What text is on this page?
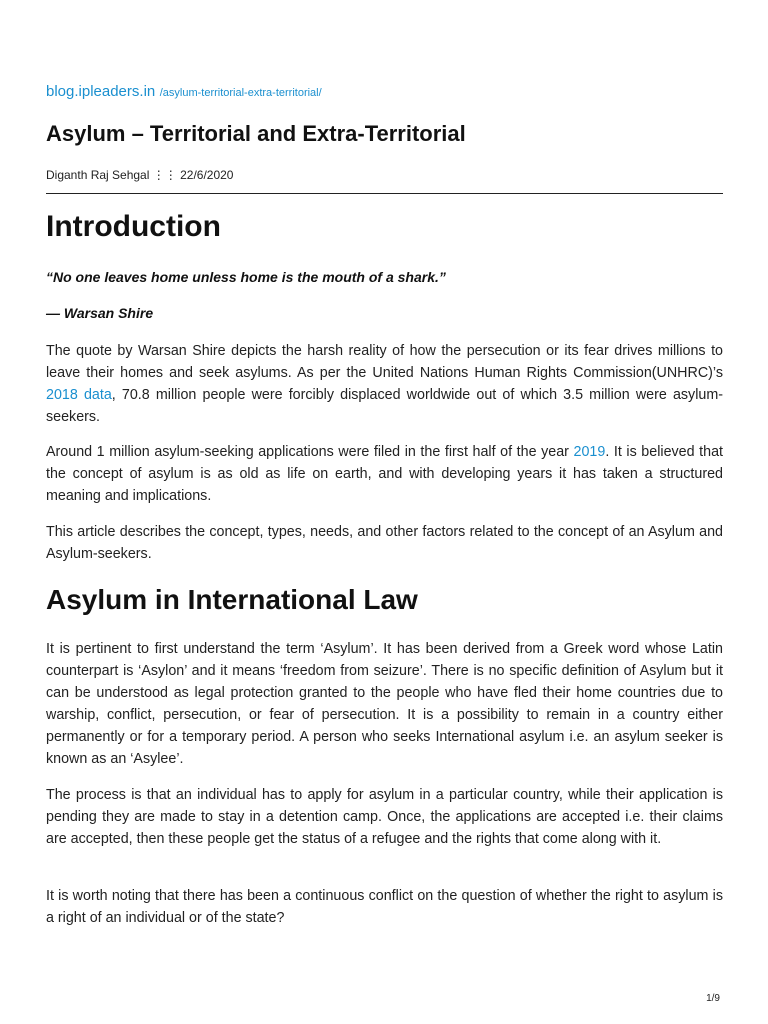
blog.ipleaders.in /asylum-territorial-extra-territorial/
Asylum – Territorial and Extra-Territorial
Diganth Raj Sehgal ⋮⋮ 22/6/2020
Introduction
“No one leaves home unless home is the mouth of a shark.”
— Warsan Shire

The quote by Warsan Shire depicts the harsh reality of how the persecution or its fear drives millions to leave their homes and seek asylums. As per the United Nations Human Rights Commission(UNHRC)’s 2018 data, 70.8 million people were forcibly displaced worldwide out of which 3.5 million were asylum-seekers.

Around 1 million asylum-seeking applications were filed in the first half of the year 2019. It is believed that the concept of asylum is as old as life on earth, and with developing years it has taken a structured meaning and implications.

This article describes the concept, types, needs, and other factors related to the concept of an Asylum and Asylum-seekers.

Asylum in International Law

It is pertinent to first understand the term ‘Asylum’. It has been derived from a Greek word whose Latin counterpart is ‘Asylon’ and it means ‘freedom from seizure’. There is no specific definition of Asylum but it can be understood as legal protection granted to the people who have fled their home countries due to warship, conflict, persecution, or fear of persecution. It is a possibility to remain in a country either permanently or for a temporary period. A person who seeks International asylum i.e. an asylum seeker is known as an ‘Asylee’.

The process is that an individual has to apply for asylum in a particular country, while their application is pending they are made to stay in a detention camp. Once, the applications are accepted i.e. their claims are accepted, then these people get the status of a refugee and the rights that come along with it.

It is worth noting that there has been a continuous conflict on the question of whether the right to asylum is a right of an individual or of the state?

1/9
